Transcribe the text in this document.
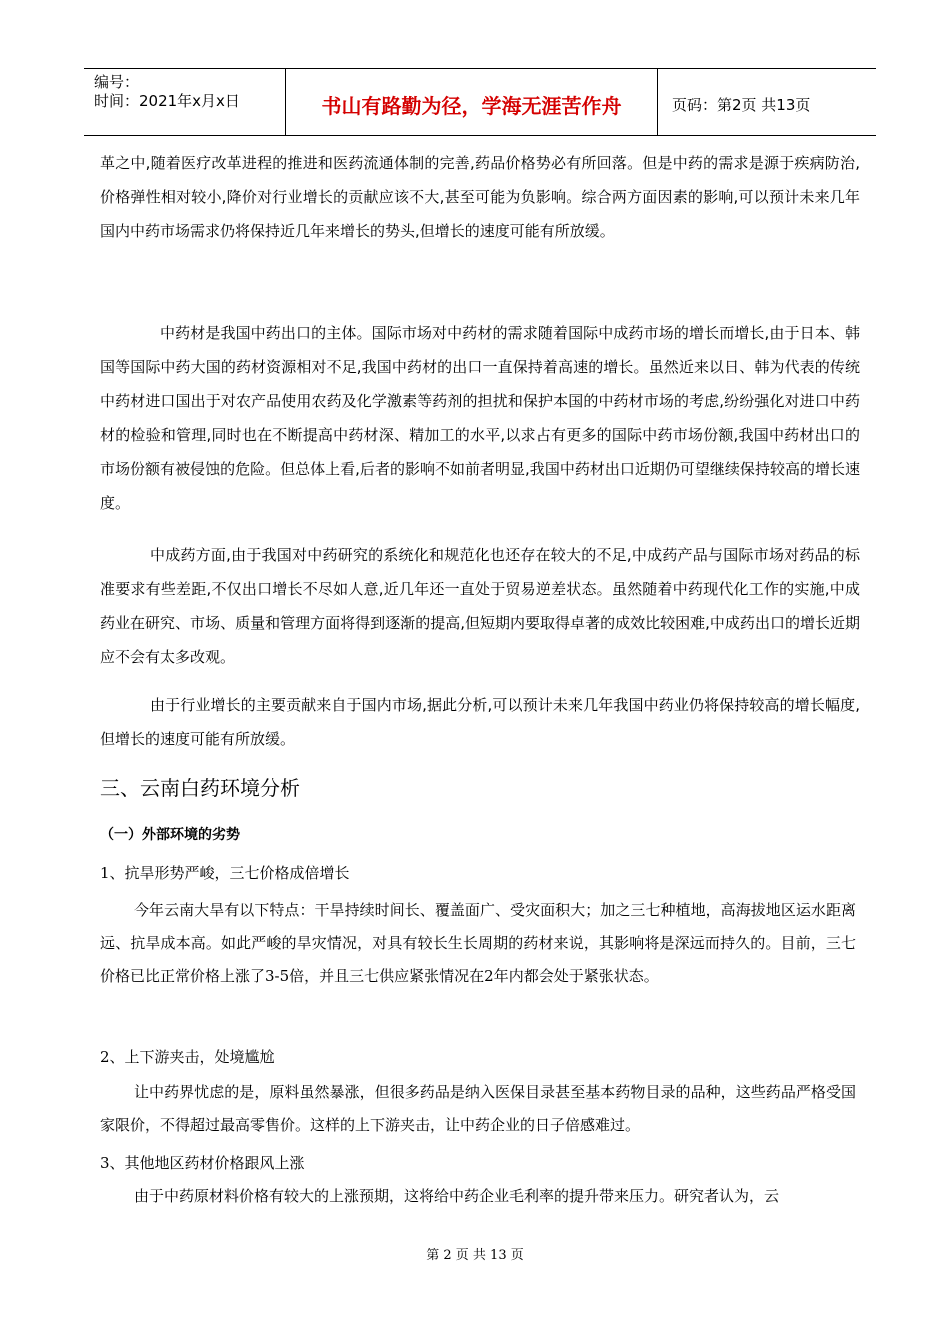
编号：
时间：2021年x月x日	书山有路勤为径，学海无涯苦作舟	页码：第2页 共13页

革之中,随着医疗改革进程的推进和医药流通体制的完善,药品价格势必有所回落。但是中药的需求是源于疾病防治,价格弹性相对较小,降价对行业增长的贡献应该不大,甚至可能为负影响。综合两方面因素的影响,可以预计未来几年国内中药市场需求仍将保持近几年来增长的势头,但增长的速度可能有所放缓。

中药材是我国中药出口的主体。国际市场对中药材的需求随着国际中成药市场的增长而增长,由于日本、韩国等国际中药大国的药材资源相对不足,我国中药材的出口一直保持着高速的增长。虽然近来以日、韩为代表的传统中药材进口国出于对农产品使用农药及化学激素等药剂的担扰和保护本国的中药材市场的考虑,纷纷强化对进口中药材的检验和管理,同时也在不断提高中药材深、精加工的水平,以求占有更多的国际中药市场份额,我国中药材出口的市场份额有被侵蚀的危险。但总体上看,后者的影响不如前者明显,我国中药材出口近期仍可望继续保持较高的增长速度。

中成药方面,由于我国对中药研究的系统化和规范化也还存在较大的不足,中成药产品与国际市场对药品的标准要求有些差距,不仅出口增长不尽如人意,近几年还一直处于贸易逆差状态。虽然随着中药现代化工作的实施,中成药业在研究、市场、质量和管理方面将得到逐渐的提高,但短期内要取得卓著的成效比较困难,中成药出口的增长近期应不会有太多改观。

由于行业增长的主要贡献来自于国内市场,据此分析,可以预计未来几年我国中药业仍将保持较高的增长幅度,但增长的速度可能有所放缓。

三、云南白药环境分析
（一）外部环境的劣势

1、抗旱形势严峻，三七价格成倍增长

今年云南大旱有以下特点：干旱持续时间长、覆盖面广、受灾面积大；加之三七种植地，高海拔地区运水距离远、抗旱成本高。如此严峻的旱灾情况，对具有较长生长周期的药材来说，其影响将是深远而持久的。目前，三七价格已比正常价格上涨了3-5倍，并且三七供应紧张情况在2年内都会处于紧张状态。

2、上下游夹击，处境尴尬

让中药界忧虑的是，原料虽然暴涨，但很多药品是纳入医保目录甚至基本药物目录的品种，这些药品严格受国家限价，不得超过最高零售价。这样的上下游夹击，让中药企业的日子倍感难过。

3、其他地区药材价格跟风上涨

由于中药原材料价格有较大的上涨预期，这将给中药企业毛利率的提升带来压力。研究者认为，云

第 2 页 共 13 页
